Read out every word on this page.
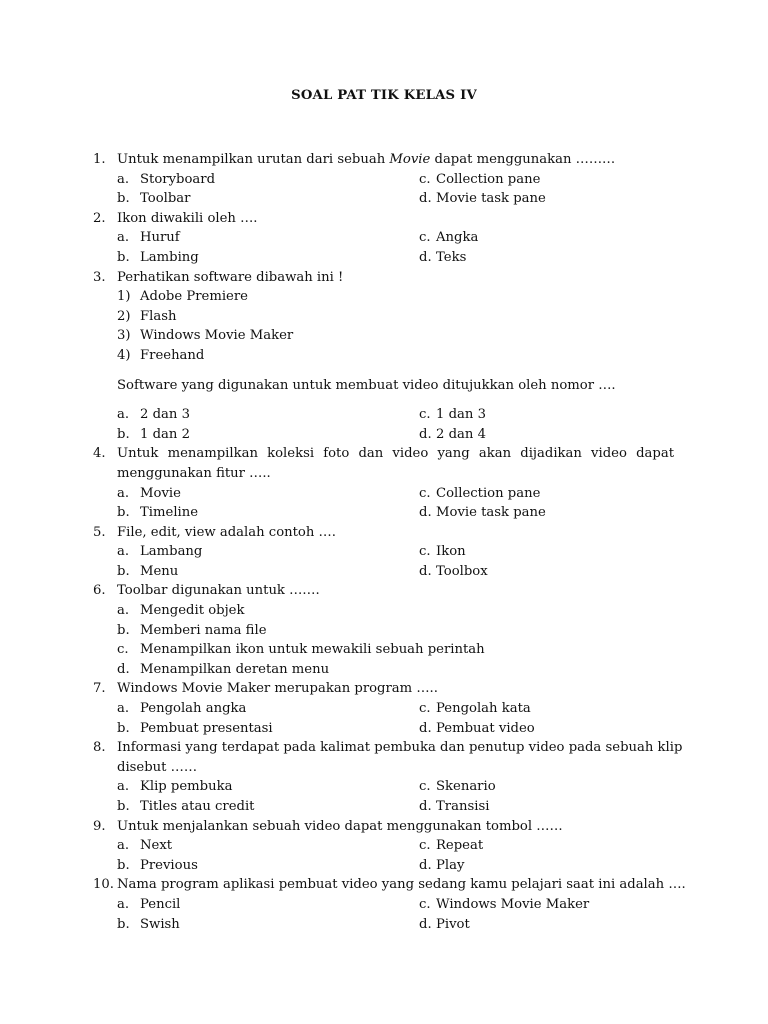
SOAL PAT TIK KELAS IV
1. Untuk menampilkan urutan dari sebuah Movie dapat menggunakan ………
a. Storyboard	c. Collection pane
b. Toolbar	d. Movie task pane
2. Ikon diwakili oleh ….
a. Huruf	c. Angka
b. Lambing	d. Teks
3. Perhatikan software dibawah ini !
1) Adobe Premiere
2) Flash
3) Windows Movie Maker
4) Freehand
Software yang digunakan untuk membuat video ditujukkan oleh nomor ….
a. 2 dan 3	c. 1 dan 3
b. 1 dan 2	d. 2 dan 4
4. Untuk menampilkan koleksi foto dan video yang akan dijadikan video dapat
menggunakan fitur …..
a. Movie	c. Collection pane
b. Timeline	d. Movie task pane
5. File, edit, view adalah contoh ….
a. Lambang	c. Ikon
b. Menu	d. Toolbox
6. Toolbar digunakan untuk …….
a. Mengedit objek
b. Memberi nama file
c. Menampilkan ikon untuk mewakili sebuah perintah
d. Menampilkan deretan menu
7. Windows Movie Maker merupakan program …..
a. Pengolah angka	c. Pengolah kata
b. Pembuat presentasi	d. Pembuat video
8. Informasi yang terdapat pada kalimat pembuka dan penutup video pada sebuah klip
disebut ……
a. Klip pembuka	c. Skenario
b. Titles atau credit	d. Transisi
9. Untuk menjalankan sebuah video dapat menggunakan tombol ……
a. Next	c. Repeat
b. Previous	d. Play
10. Nama program aplikasi pembuat video yang sedang kamu pelajari saat ini adalah ….
a. Pencil	c. Windows Movie Maker
b. Swish	d. Pivot
